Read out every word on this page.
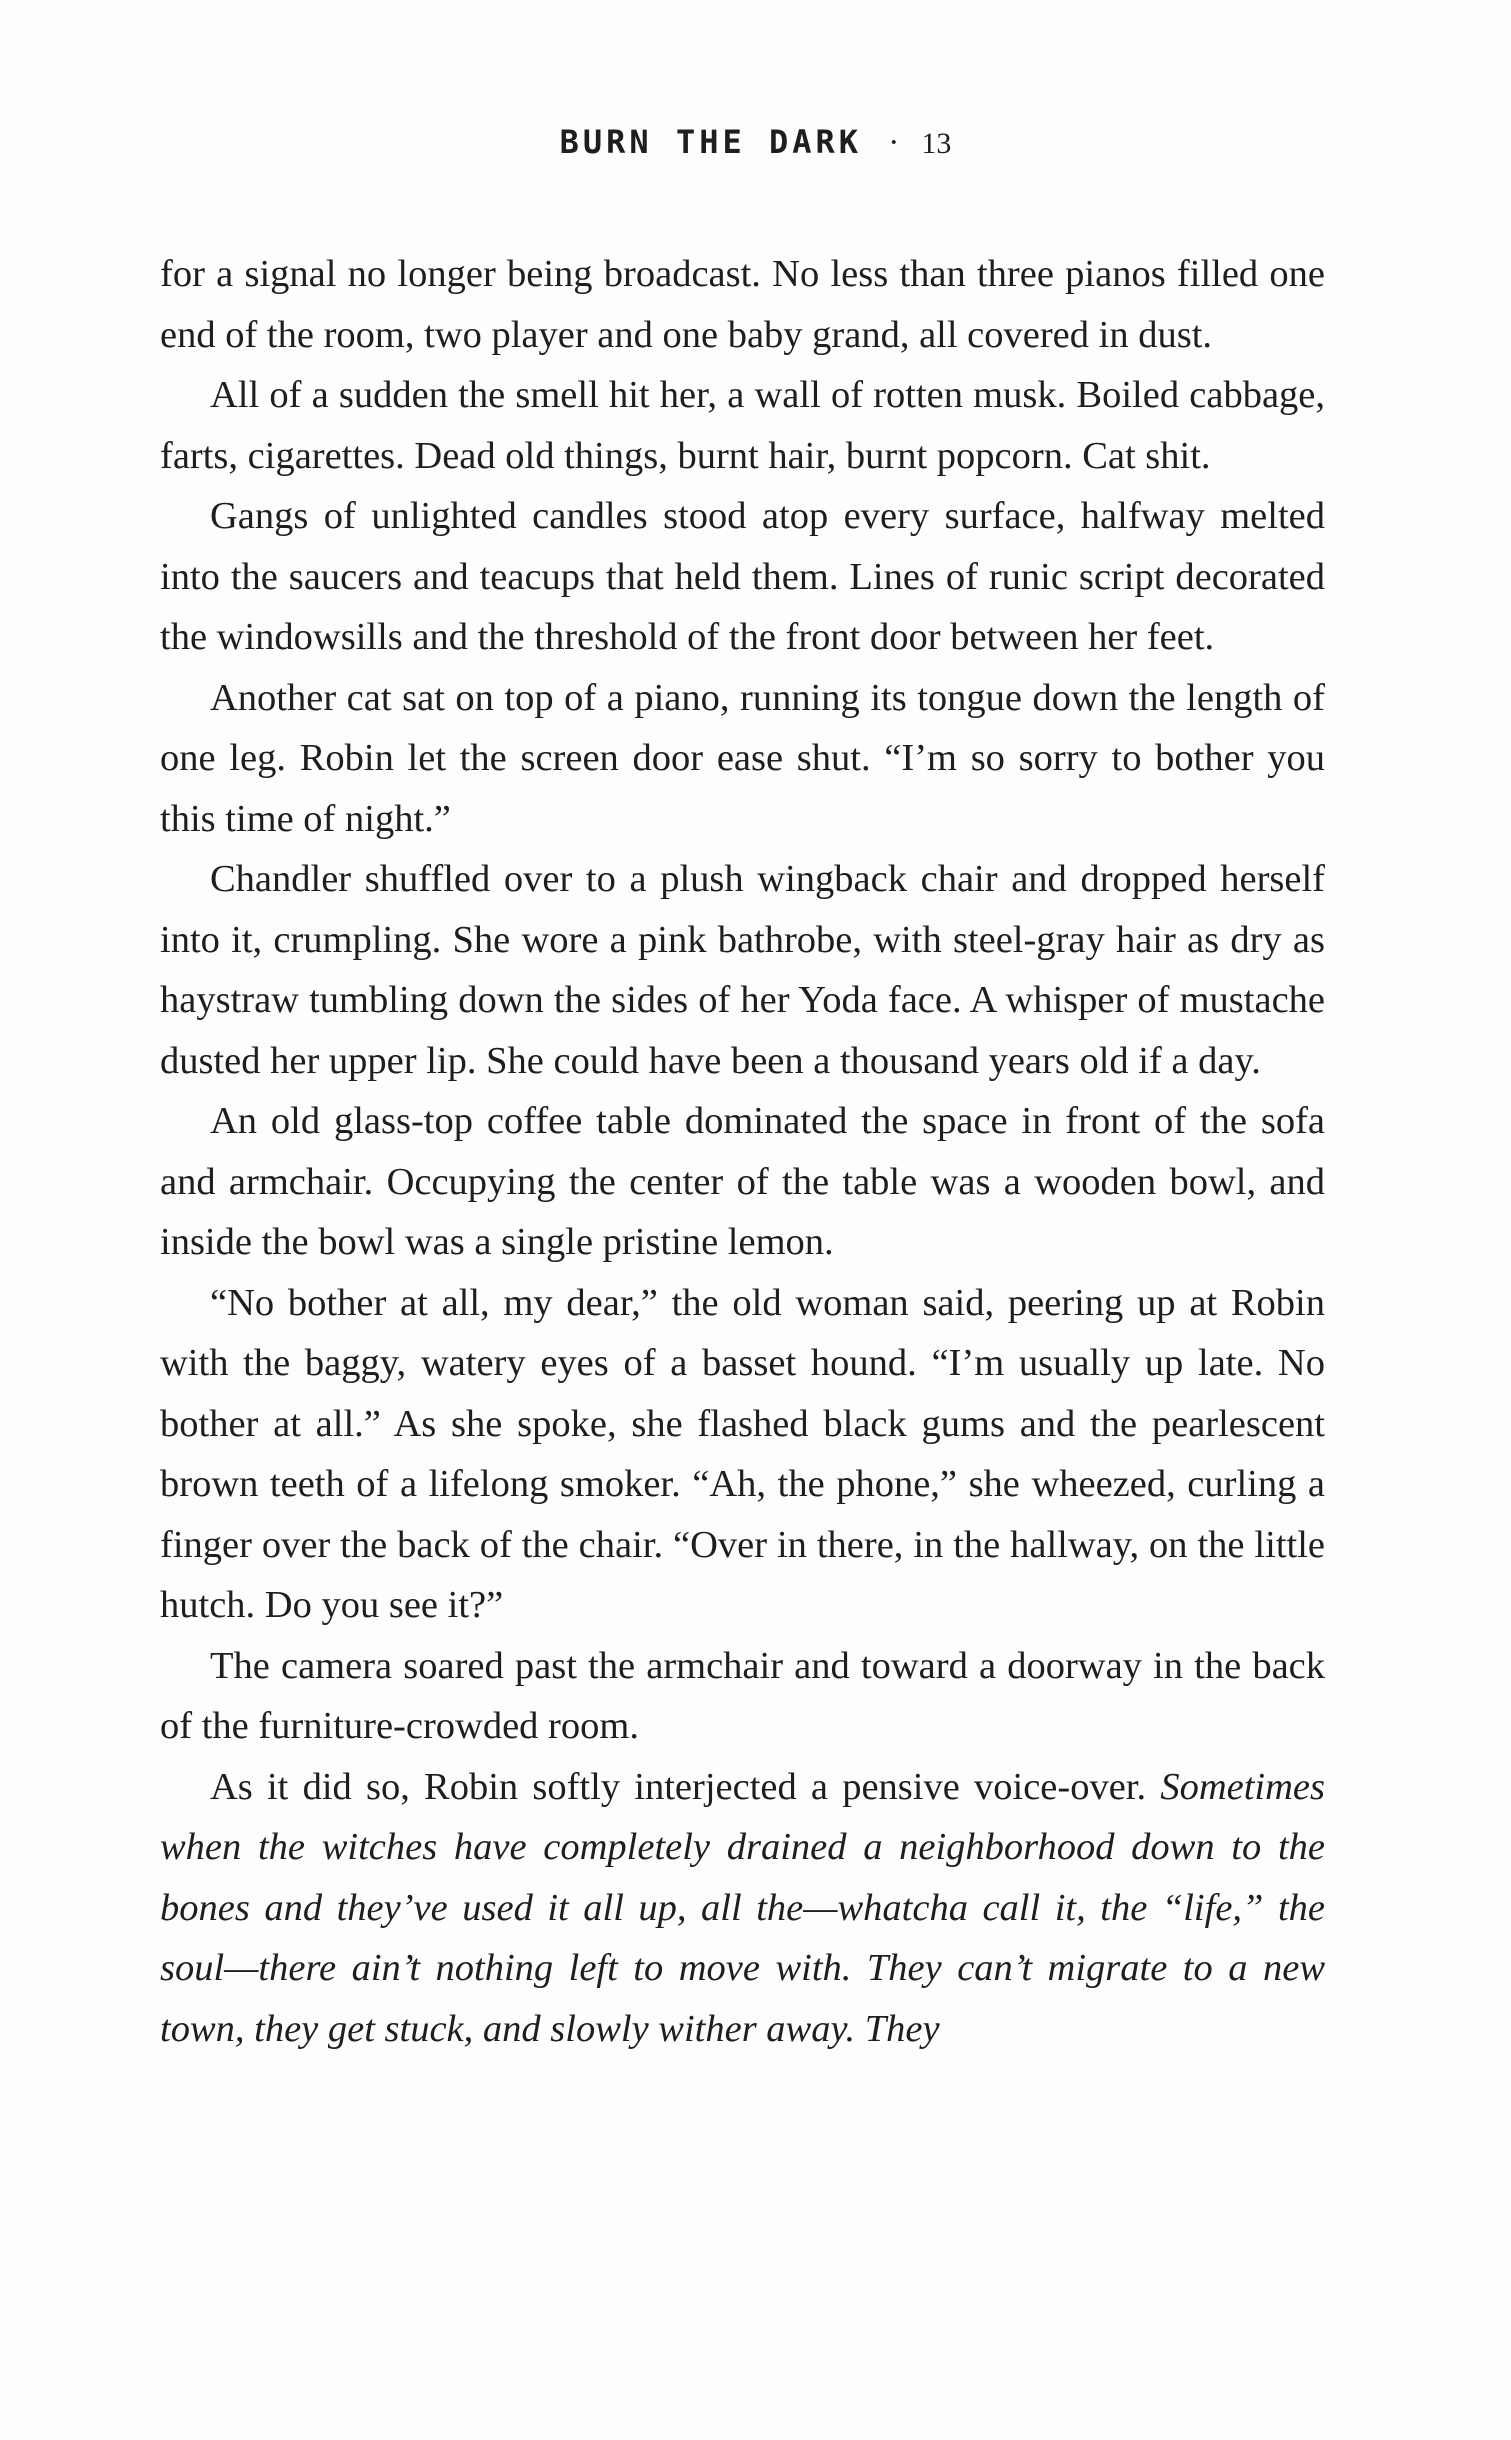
BURN THE DARK · 13

for a signal no longer being broadcast. No less than three pianos filled one end of the room, two player and one baby grand, all covered in dust.

All of a sudden the smell hit her, a wall of rotten musk. Boiled cabbage, farts, cigarettes. Dead old things, burnt hair, burnt popcorn. Cat shit.

Gangs of unlighted candles stood atop every surface, halfway melted into the saucers and teacups that held them. Lines of runic script decorated the windowsills and the threshold of the front door between her feet.

Another cat sat on top of a piano, running its tongue down the length of one leg. Robin let the screen door ease shut. “I’m so sorry to bother you this time of night.”

Chandler shuffled over to a plush wingback chair and dropped herself into it, crumpling. She wore a pink bathrobe, with steel-gray hair as dry as haystraw tumbling down the sides of her Yoda face. A whisper of mustache dusted her upper lip. She could have been a thousand years old if a day.

An old glass-top coffee table dominated the space in front of the sofa and armchair. Occupying the center of the table was a wooden bowl, and inside the bowl was a single pristine lemon.

“No bother at all, my dear,” the old woman said, peering up at Robin with the baggy, watery eyes of a basset hound. “I’m usually up late. No bother at all.” As she spoke, she flashed black gums and the pearlescent brown teeth of a lifelong smoker. “Ah, the phone,” she wheezed, curling a finger over the back of the chair. “Over in there, in the hallway, on the little hutch. Do you see it?”

The camera soared past the armchair and toward a doorway in the back of the furniture-crowded room.

As it did so, Robin softly interjected a pensive voice-over. Sometimes when the witches have completely drained a neighborhood down to the bones and they’ve used it all up, all the—whatcha call it, the “life,” the soul—there ain’t nothing left to move with. They can’t migrate to a new town, they get stuck, and slowly wither away. They
